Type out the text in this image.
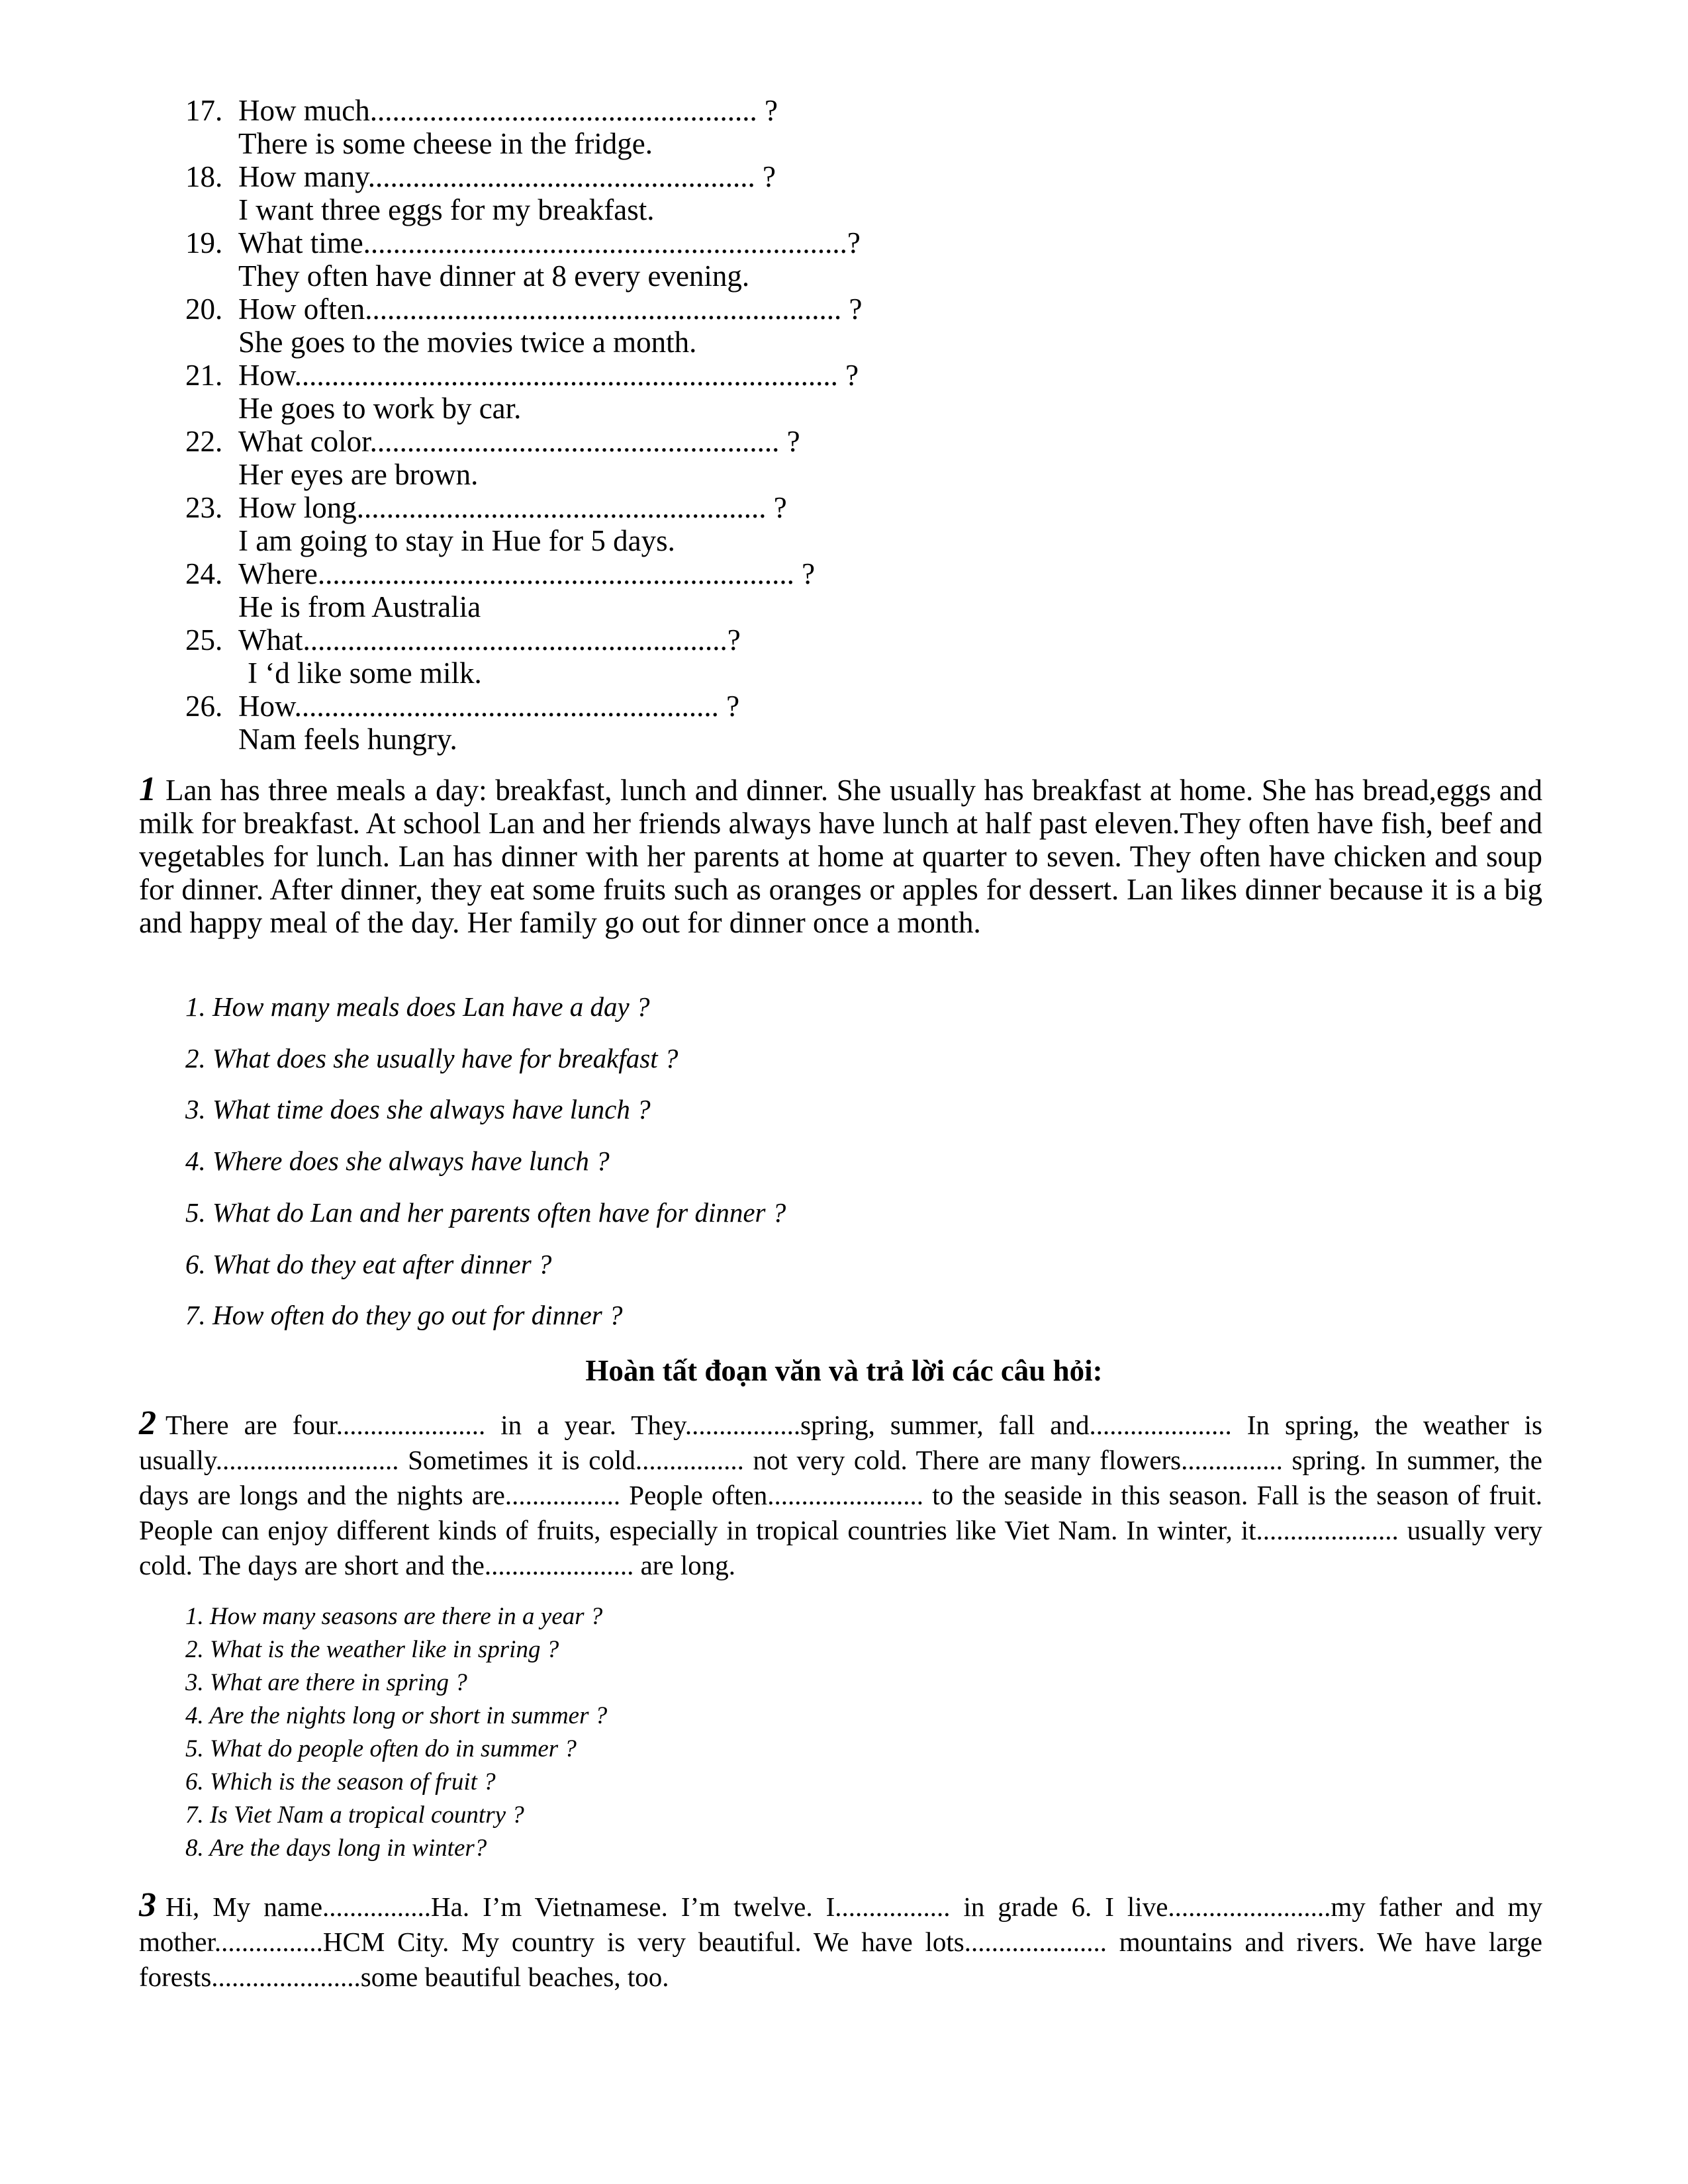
17. How much.................................................... ?
There is some cheese in the fridge.
18. How many.................................................... ?
I want three eggs for my breakfast.
19. What time.................................................................?
They often have dinner at 8 every evening.
20. How often................................................................ ?
She goes to the movies twice a month.
21. How......................................................................... ?
He goes to work by car.
22. What color....................................................... ?
Her eyes are brown.
23. How long....................................................... ?
I am going to stay in Hue for 5 days.
24. Where................................................................ ?
He is from Australia
25. What.........................................................?
I ‘d like some milk.
26. How......................................................... ?
Nam feels hungry.

1 Lan has three meals a day: breakfast, lunch and dinner. She usually has breakfast at home. She has bread,eggs and milk for breakfast. At school Lan and her friends always have lunch at half past eleven.They often have fish, beef and vegetables for lunch. Lan has dinner with her parents at home at quarter to seven. They often have chicken and soup for dinner. After dinner, they eat some fruits such as oranges or apples for dessert. Lan likes dinner because it is a big and happy meal of the day. Her family go out for dinner once a month.

1. How many meals does Lan have a day ?
2. What does she usually have for breakfast ?
3. What time does she always have lunch ?
4. Where does she always have lunch ?
5. What do Lan and her parents often have for dinner ?
6. What do they eat after dinner ?
7. How often do they go out for dinner ?
Hoàn tất đoạn văn và trả lời các câu hỏi:

2 There are four...................... in a year. They.................spring, summer, fall and..................... In spring, the weather is usually........................... Sometimes it is cold................ not very cold. There are many flowers............... spring. In summer, the days are longs and the nights are................. People often....................... to the seaside in this season. Fall is the season of fruit. People can enjoy different kinds of fruits, especially in tropical countries like Viet Nam. In winter, it..................... usually very cold. The days are short and the...................... are long.

1. How many seasons are there in a year ?
2. What is the weather like in spring ?
3. What are there in spring ?
4. Are the nights long or short in summer ?
5. What do people often do in summer ?
6. Which is the season of fruit ?
7. Is Viet Nam a tropical country ?
8. Are the days long in winter?

3 Hi, My name................Ha. I’m Vietnamese. I’m twelve. I................. in grade 6. I live........................my father and my mother................HCM City. My country is very beautiful. We have lots..................... mountains and rivers. We have large forests......................some beautiful beaches, too.
